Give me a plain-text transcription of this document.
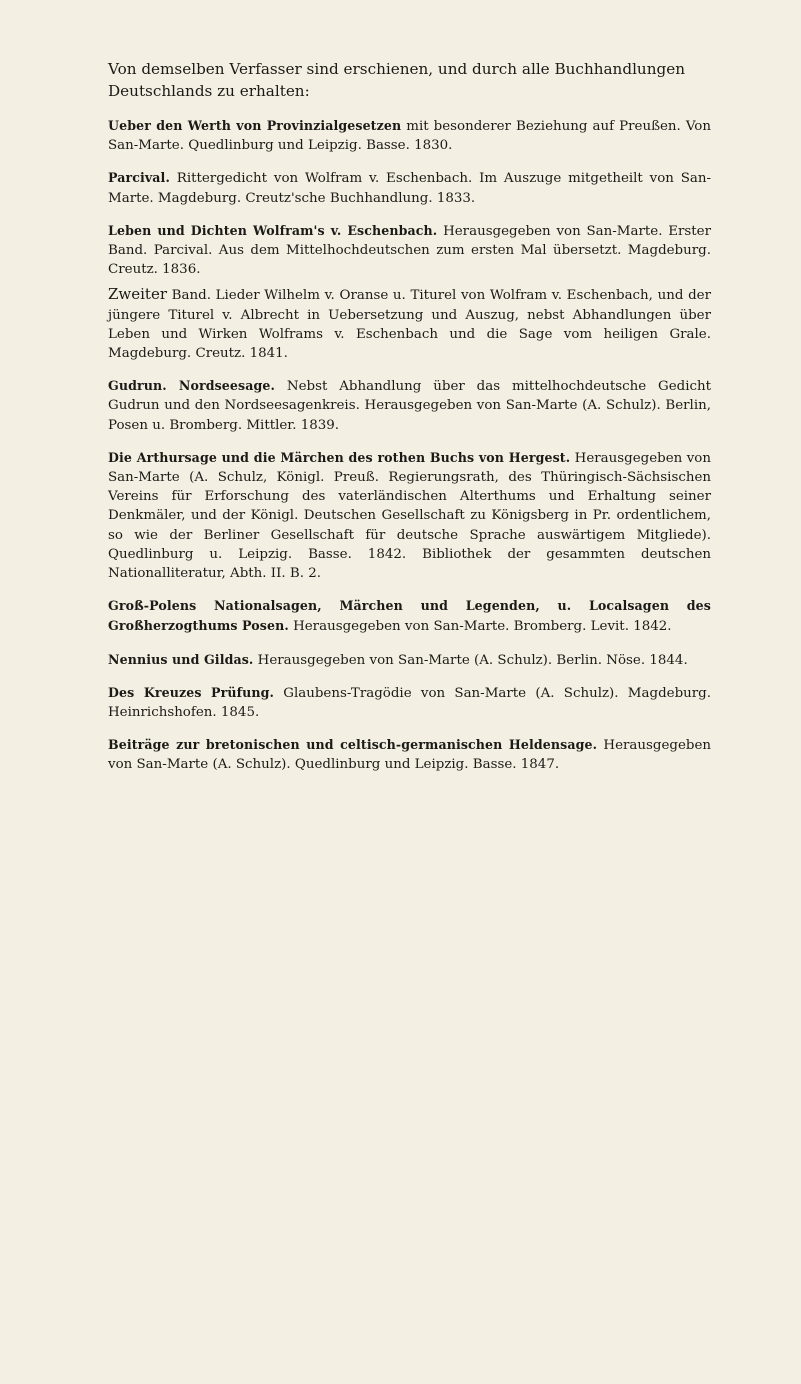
Von demselben Verfasser sind erschienen, und durch alle Buchhandlungen Deutschlands zu erhalten:

Ueber den Werth von Provinzialgesetzen mit besonderer Beziehung auf Preußen. Von San-Marte. Quedlinburg und Leipzig. Basse. 1830.

Parcival. Rittergedicht von Wolfram v. Eschenbach. Im Auszuge mitgetheilt von San-Marte. Magdeburg. Creutz'sche Buchhandlung. 1833.

Leben und Dichten Wolfram's v. Eschenbach. Herausgegeben von San-Marte. Erster Band. Parcival. Aus dem Mittelhochdeutschen zum ersten Mal übersetzt. Magdeburg. Creutz. 1836.

Zweiter Band. Lieder Wilhelm v. Oranse u. Titurel von Wolfram v. Eschenbach, und der jüngere Titurel v. Albrecht in Uebersetzung und Auszug, nebst Abhandlungen über Leben und Wirken Wolframs v. Eschenbach und die Sage vom heiligen Grale. Magdeburg. Creutz. 1841.

Gudrun. Nordseesage. Nebst Abhandlung über das mittelhochdeutsche Gedicht Gudrun und den Nordseesagenkreis. Herausgegeben von San-Marte (A. Schulz). Berlin, Posen u. Bromberg. Mittler. 1839.

Die Arthursage und die Märchen des rothen Buchs von Hergest. Herausgegeben von San-Marte (A. Schulz, Königl. Preuß. Regierungsrath, des Thüringisch-Sächsischen Vereins für Erforschung des vaterländischen Alterthums und Erhaltung seiner Denkmäler, und der Königl. Deutschen Gesellschaft zu Königsberg in Pr. ordentlichem, so wie der Berliner Gesellschaft für deutsche Sprache auswärtigem Mitgliede). Quedlinburg u. Leipzig. Basse. 1842. Bibliothek der gesammten deutschen Nationalliteratur, Abth. II. B. 2.

Groß-Polens Nationalsagen, Märchen und Legenden, u. Localsagen des Großherzogthums Posen. Herausgegeben von San-Marte. Bromberg. Levit. 1842.

Nennius und Gildas. Herausgegeben von San-Marte (A. Schulz). Berlin. Nöse. 1844.

Des Kreuzes Prüfung. Glaubens-Tragödie von San-Marte (A. Schulz). Magdeburg. Heinrichshofen. 1845.

Beiträge zur bretonischen und celtisch-germanischen Heldensage. Herausgegeben von San-Marte (A. Schulz). Quedlinburg und Leipzig. Basse. 1847.
